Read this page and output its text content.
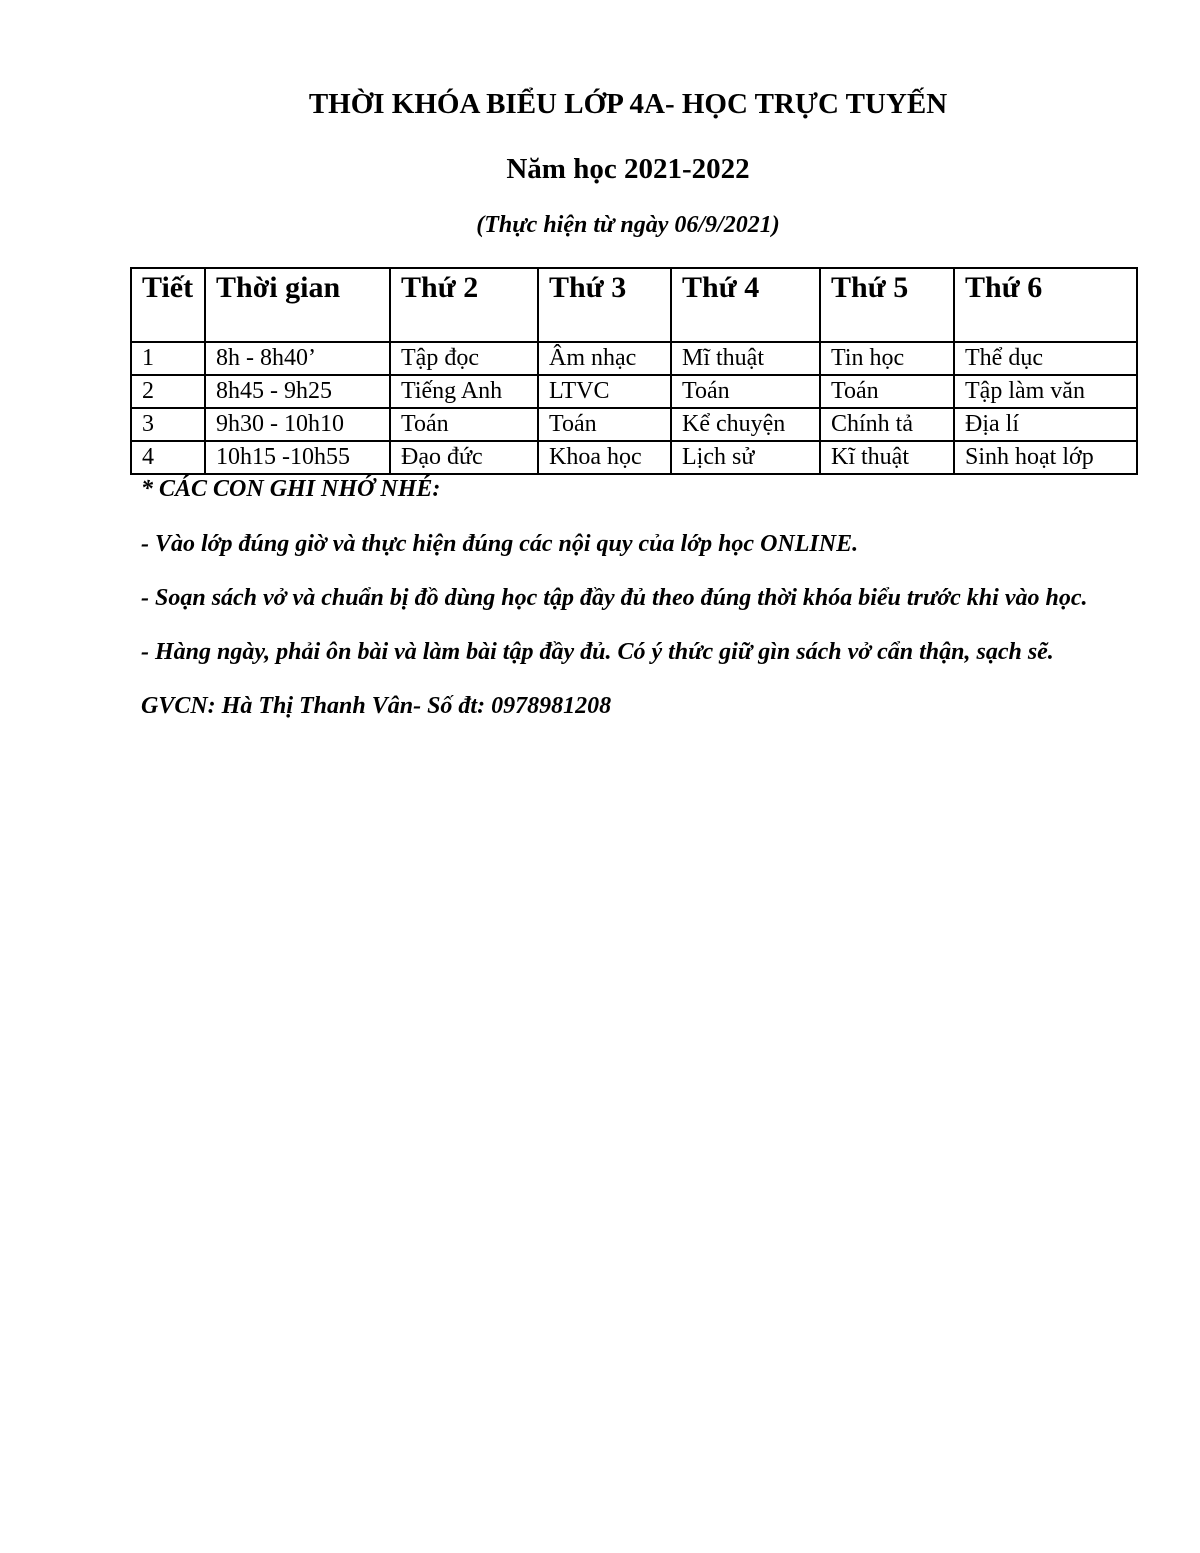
THỜI KHÓA BIỂU LỚP 4A- HỌC TRỰC TUYẾN
Năm học 2021-2022

(Thực hiện từ ngày 06/9/2021)

Tiết	Thời gian	Thứ 2	Thứ 3	Thứ 4	Thứ 5	Thứ 6
1	8h - 8h40’	Tập đọc	Âm nhạc	Mĩ thuật	Tin học	Thể dục
2	8h45 - 9h25	Tiếng Anh	LTVC	Toán	Toán	Tập làm văn
3	9h30 - 10h10	Toán	Toán	Kể chuyện	Chính tả	Địa lí
4	10h15 -10h55	Đạo đức	Khoa học	Lịch sử	Kĩ thuật	Sinh hoạt lớp

* CÁC CON GHI NHỚ NHÉ:

- Vào lớp đúng giờ và thực hiện đúng các nội quy của lớp học ONLINE.

- Soạn sách vở và chuẩn bị đồ dùng học tập đầy đủ theo đúng thời khóa biểu trước khi vào học.

- Hàng ngày, phải ôn bài và làm bài tập đầy đủ. Có ý thức giữ gìn sách vở cẩn thận, sạch sẽ.

GVCN: Hà Thị Thanh Vân- Số đt: 0978981208
